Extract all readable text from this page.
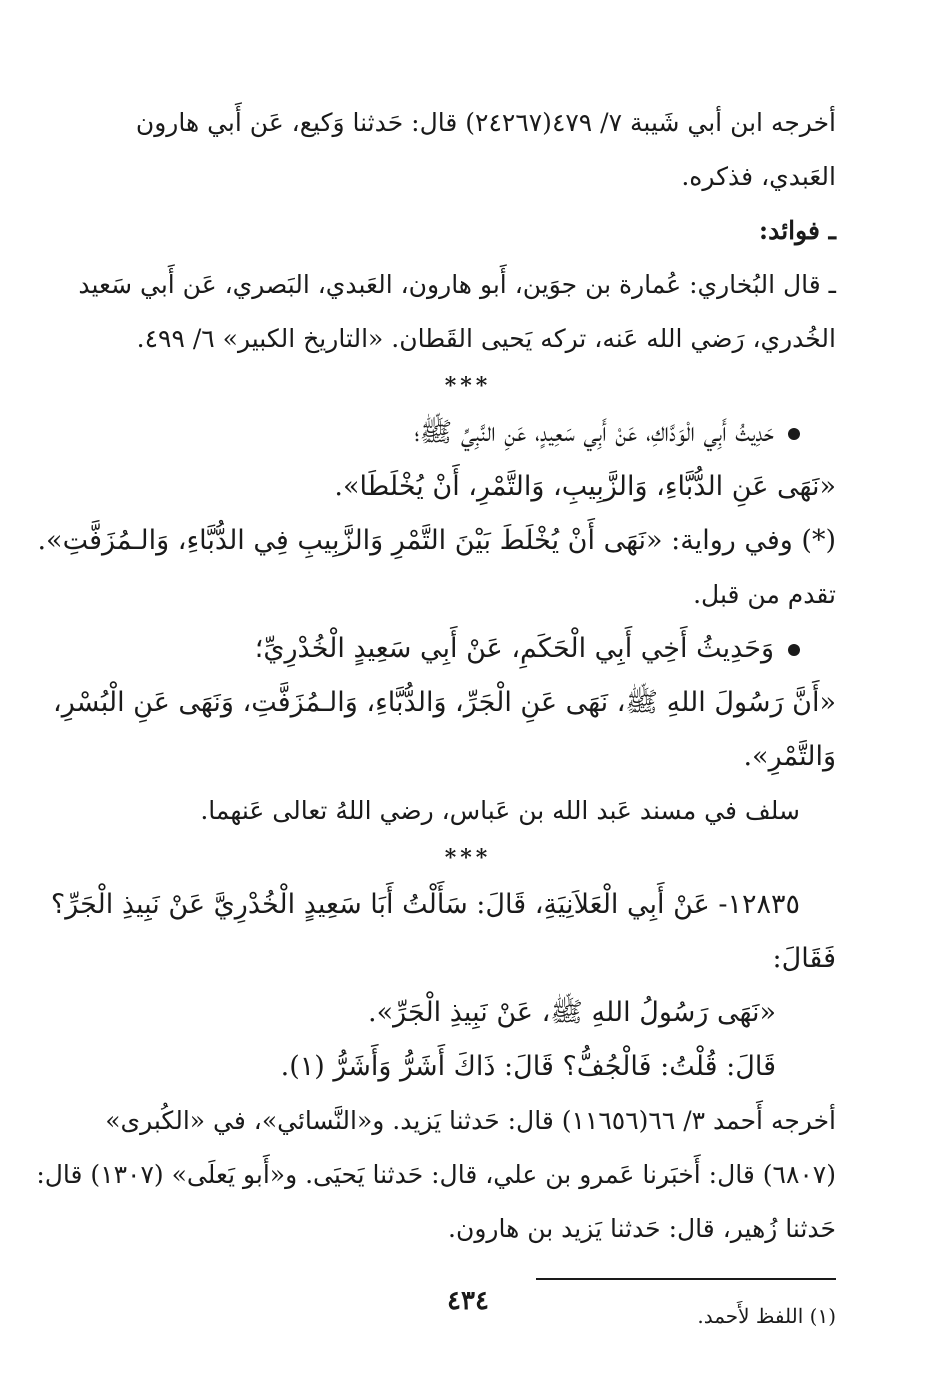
أخرجه ابن أبي شَيبة ٧/ ٤٧٩(٢٤٢٦٧) قال: حَدثنا وَكيع، عَن أَبي هارون

العَبدي، فذكره.

ـ فوائد:

ـ قال البُخاري: عُمارة بن جوَين، أَبو هارون، العَبدي، البَصري، عَن أَبي سَعيد

الخُدري، رَضي الله عَنه، تركه يَحيى القَطان. «التاريخ الكبير» ٦/ ٤٩٩.

***

حَدِيثُ أَبِي الْوَدَّاكِ، عَنْ أَبِي سَعِيدٍ، عَنِ النَّبِيِّ ﷺ؛

«نَهَى عَنِ الدُّبَّاءِ، وَالزَّبِيبِ، وَالتَّمْرِ، أَنْ يُخْلَطَا».

(*) وفي رواية: «نَهَى أَنْ يُخْلَطَ بَيْنَ التَّمْرِ وَالزَّبِيبِ فِي الدُّبَّاءِ، وَالـمُزَفَّتِ».

تقدم من قبل.

وَحَدِيثُ أَخِي أَبِي الْحَكَمِ، عَنْ أَبِي سَعِيدٍ الْخُدْرِيِّ؛

«أَنَّ رَسُولَ اللهِ ﷺ، نَهَى عَنِ الْجَرِّ، وَالدُّبَّاءِ، وَالـمُزَفَّتِ، وَنَهَى عَنِ الْبُسْرِ،

وَالتَّمْرِ».

سلف في مسند عَبد الله بن عَباس، رضي اللهُ تعالى عَنهما.

***

١٢٨٣٥- عَنْ أَبِي الْعَلاَنِيَةِ، قَالَ: سَأَلْتُ أَبَا سَعِيدٍ الْخُدْرِيَّ عَنْ نَبِيذِ الْجَرِّ؟

فَقَالَ:

«نَهَى رَسُولُ اللهِ ﷺ، عَنْ نَبِيذِ الْجَرِّ».

قَالَ: قُلْتُ: فَالْجُفُّ؟ قَالَ: ذَاكَ أَشَرُّ وَأَشَرُّ (١).

أخرجه أَحمد ٣/ ٦٦(١١٦٥٦) قال: حَدثنا يَزيد. و«النَّسائي»، في «الكُبرى»

(٦٨٠٧) قال: أَخبَرنا عَمرو بن علي، قال: حَدثنا يَحيَى. و«أَبو يَعلَى» (١٣٠٧) قال:

حَدثنا زُهير، قال: حَدثنا يَزيد بن هارون.

(١) اللفظ لأَحمد.

٤٣٤
